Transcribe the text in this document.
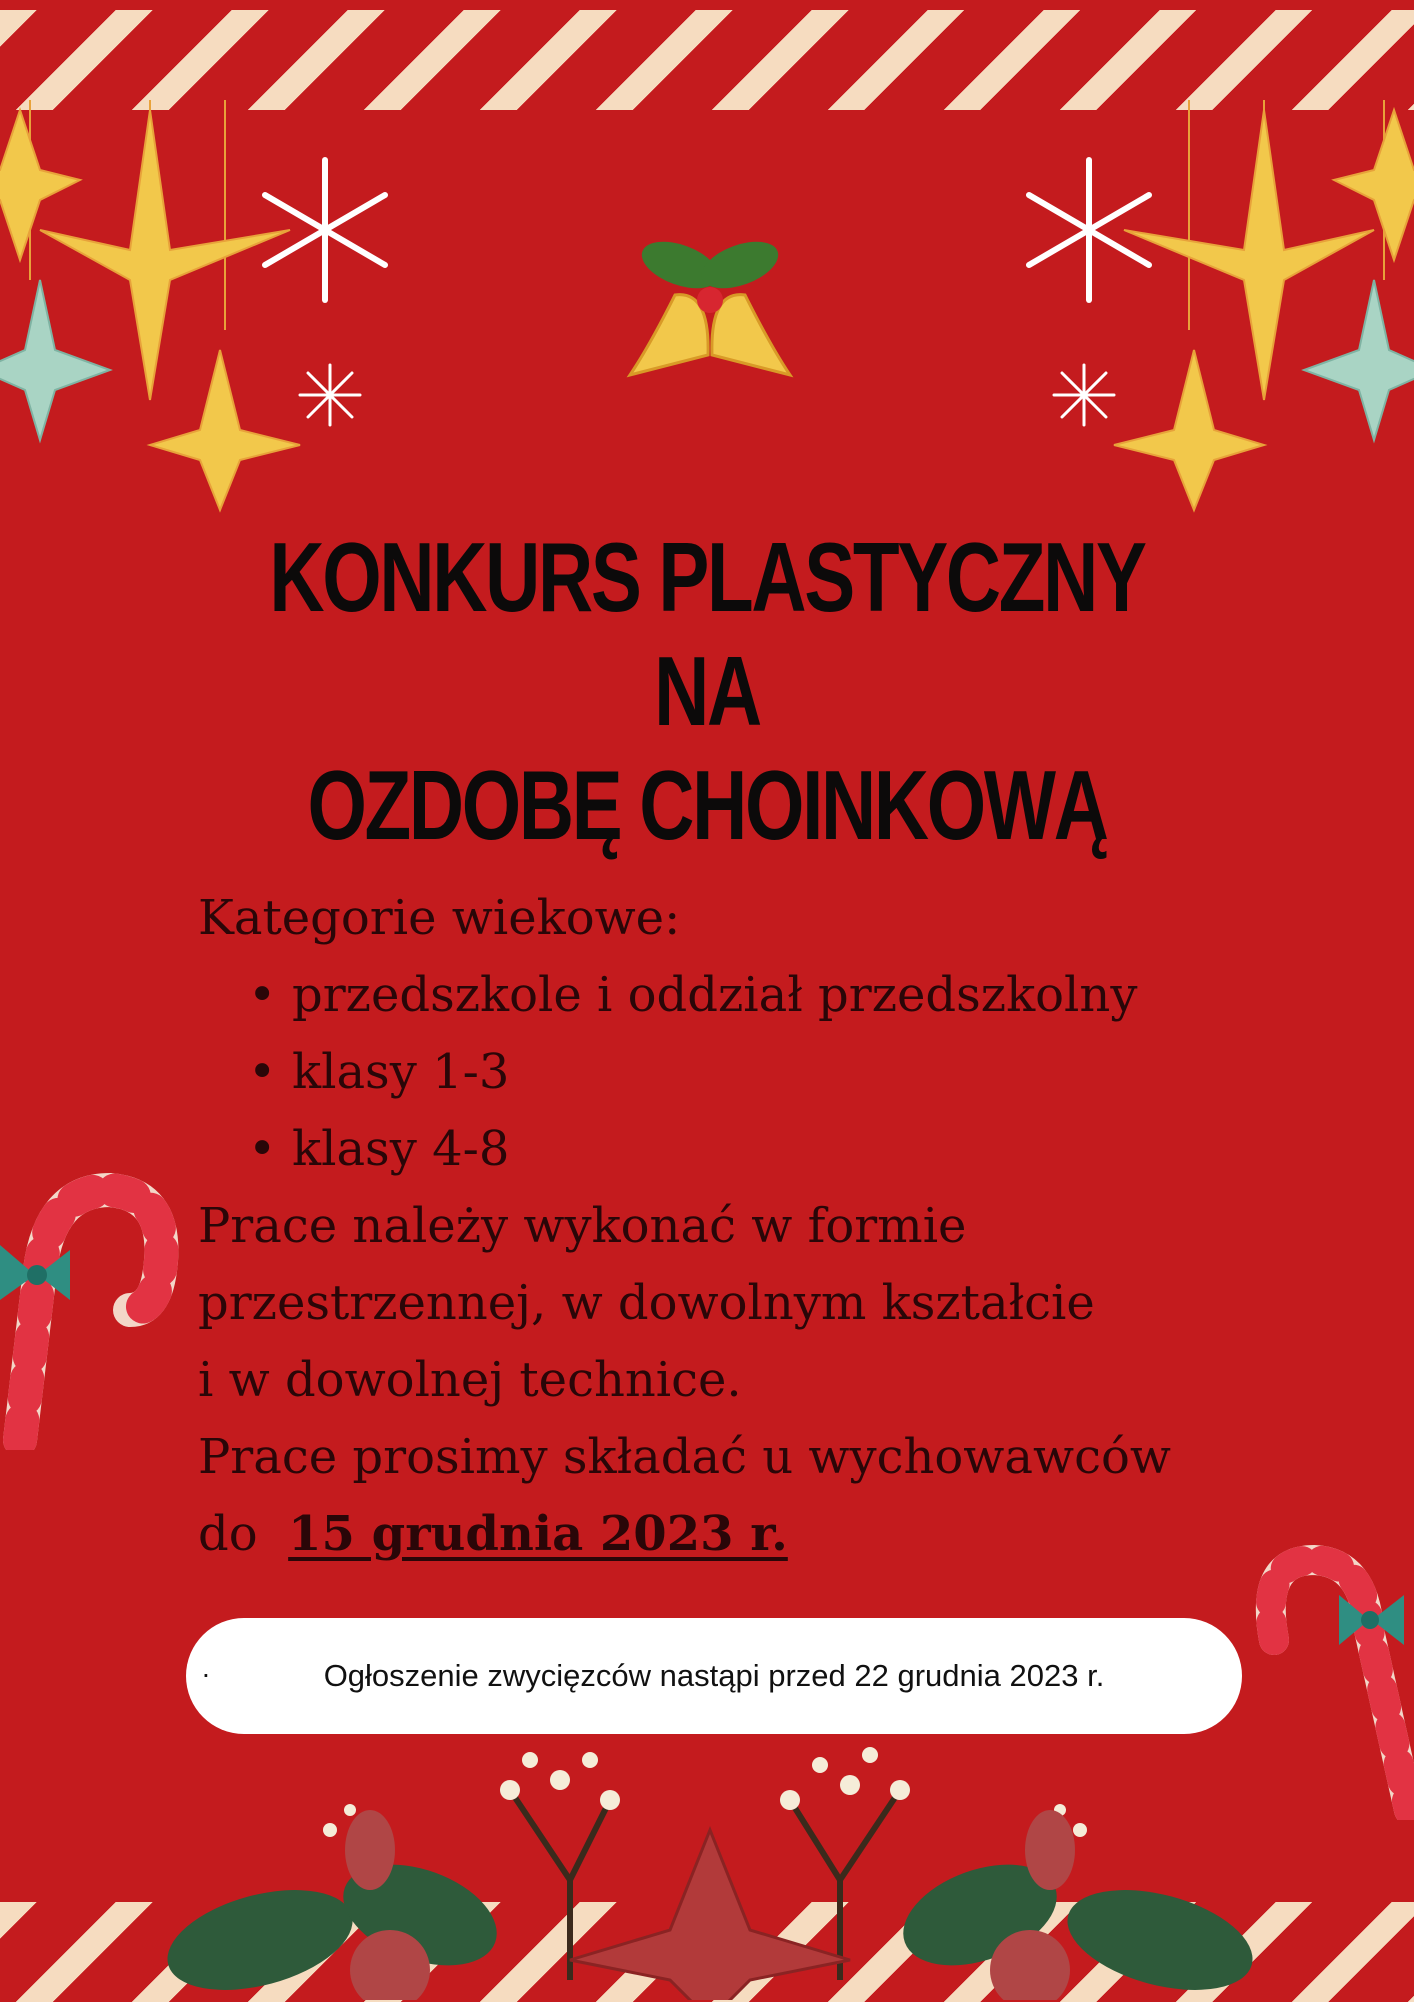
KONKURS PLASTYCZNY NA
OZDOBĘ CHOINKOWĄ

Kategorie wiekowe:

• przedszkole i oddział przedszkolny
• klasy 1-3
• klasy 4-8

Prace należy wykonać w formie

przestrzennej, w dowolnym kształcie

i w dowolnej technice.

Prace prosimy składać u wychowawców

do 15 grudnia 2023 r.

.	Ogłoszenie zwycięzców nastąpi przed 22 grudnia 2023 r.
